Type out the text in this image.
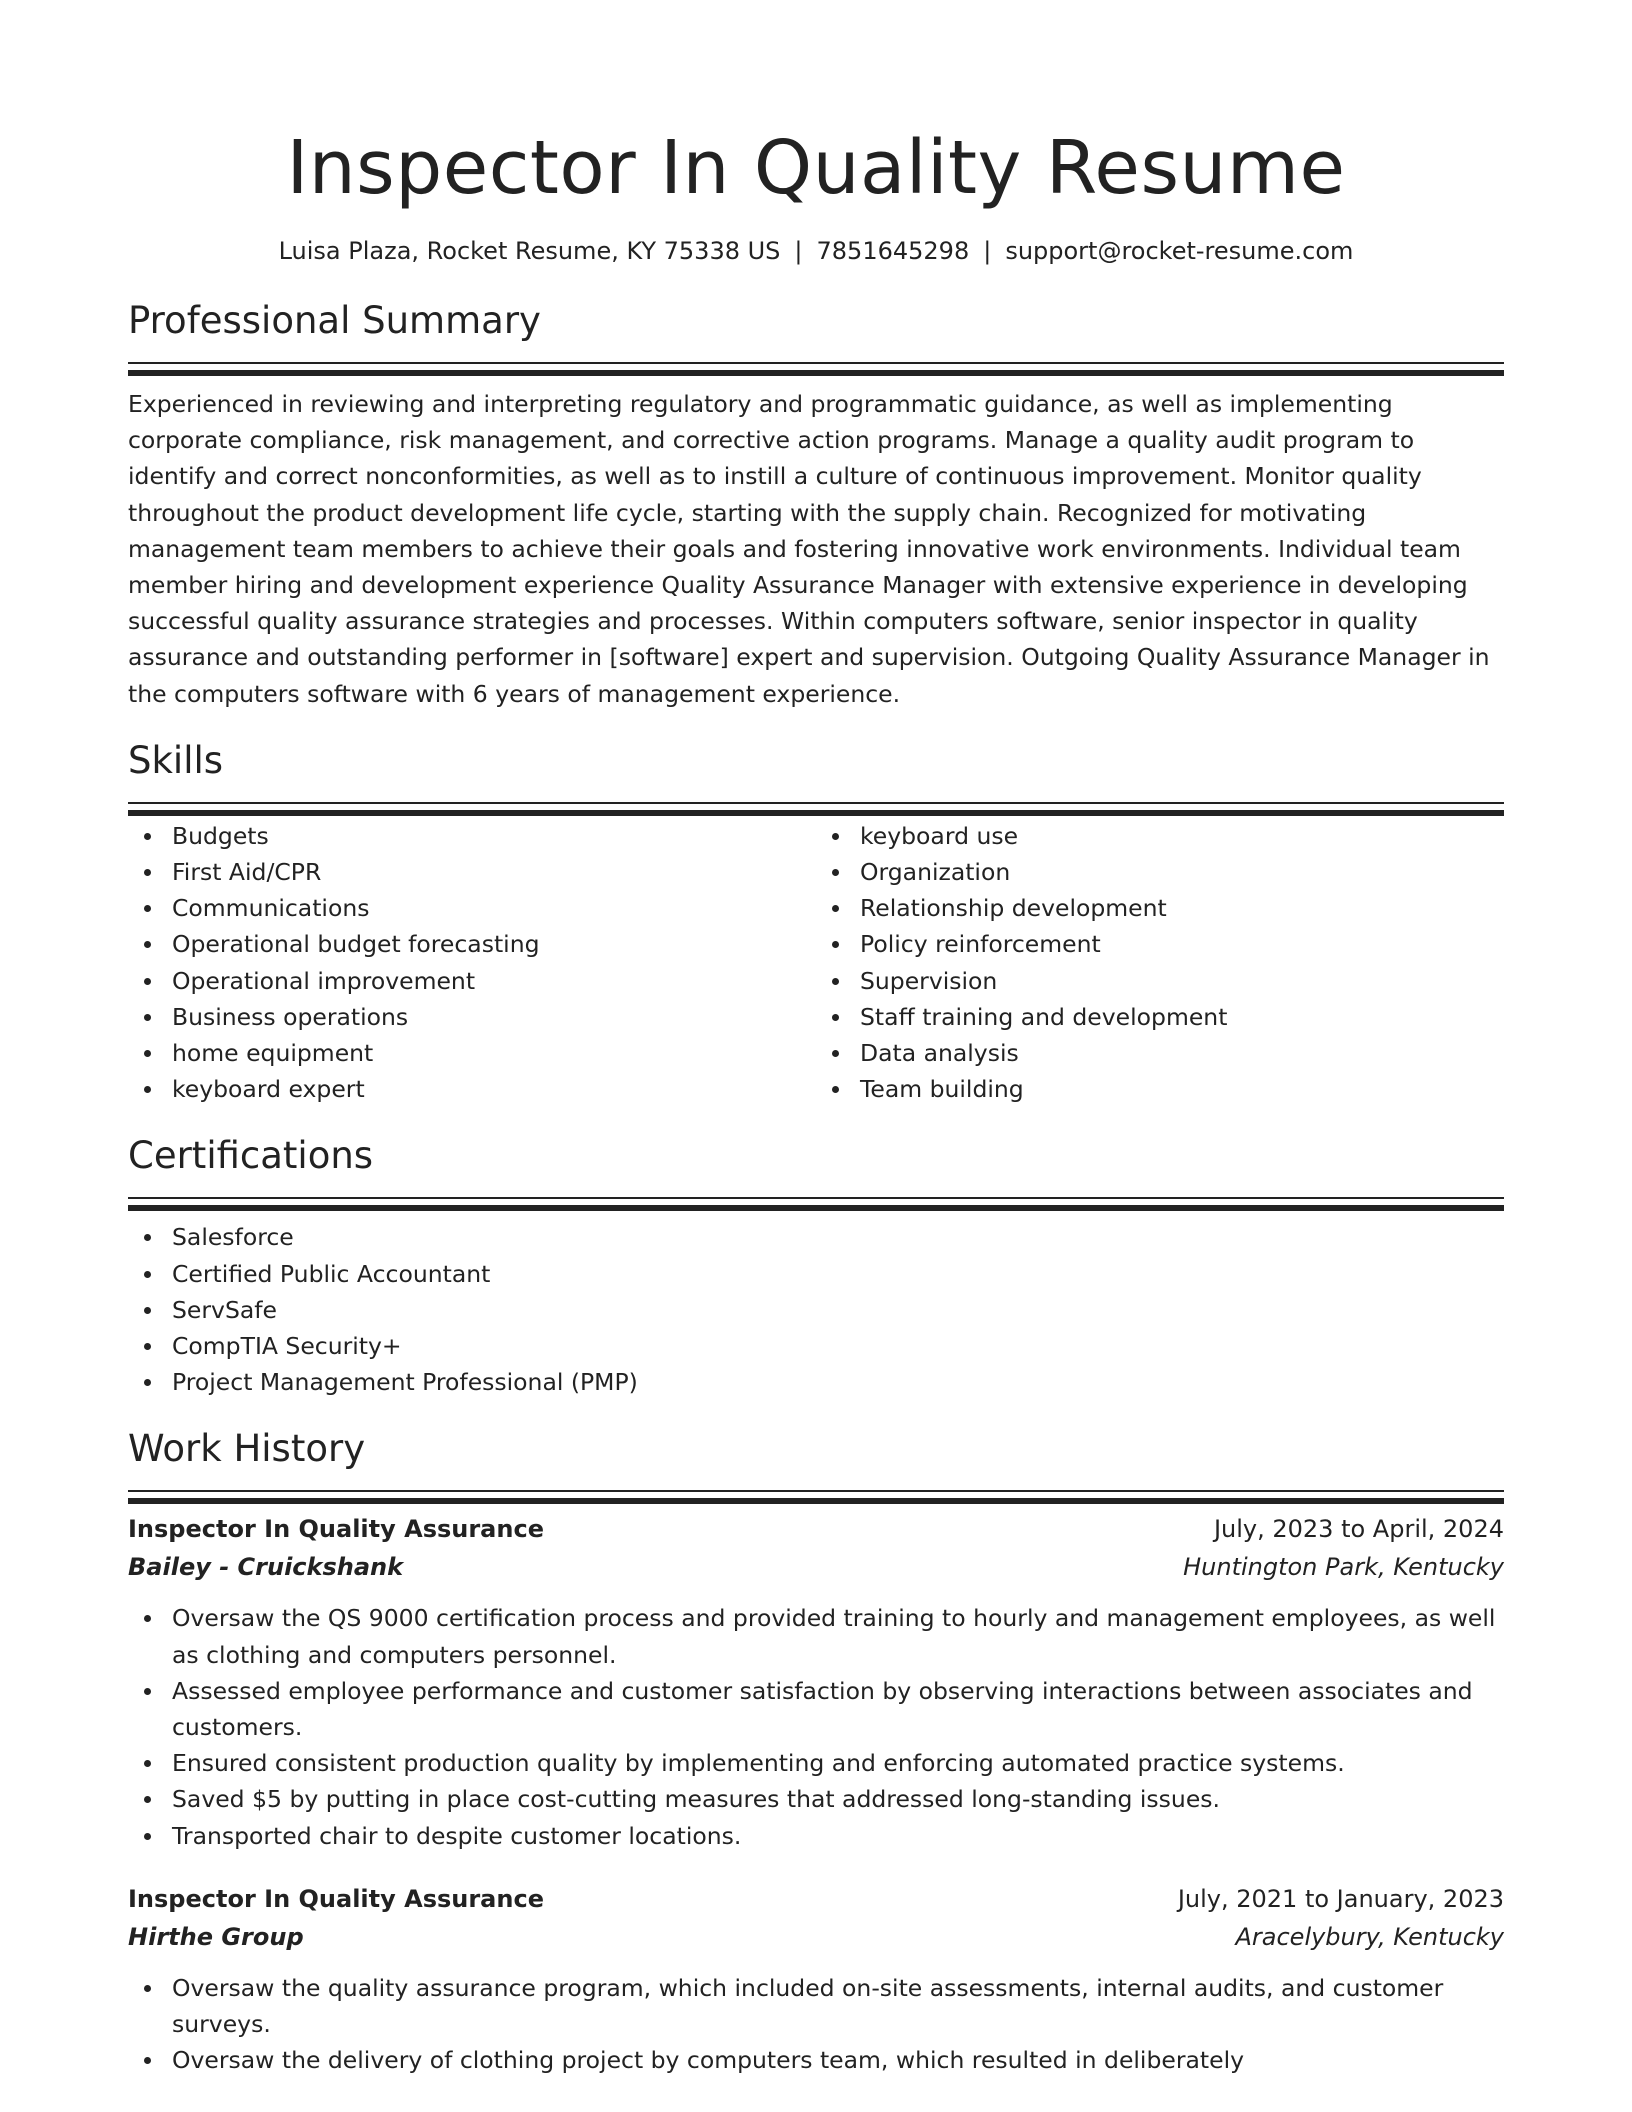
Inspector In Quality Resume
Luisa Plaza, Rocket Resume, KY 75338 US | 7851645298 | support@rocket-resume.com
Professional Summary

Experienced in reviewing and interpreting regulatory and programmatic guidance, as well as implementing corporate compliance, risk management, and corrective action programs. Manage a quality audit program to identify and correct nonconformities, as well as to instill a culture of continuous improvement. Monitor quality throughout the product development life cycle, starting with the supply chain. Recognized for motivating management team members to achieve their goals and fostering innovative work environments. Individual team member hiring and development experience Quality Assurance Manager with extensive experience in developing successful quality assurance strategies and processes. Within computers software, senior inspector in quality assurance and outstanding performer in [software] expert and supervision. Outgoing Quality Assurance Manager in the computers software with 6 years of management experience.

Skills
Budgets
First Aid/CPR
Communications
Operational budget forecasting
Operational improvement
Business operations
home equipment
keyboard expert
keyboard use
Organization
Relationship development
Policy reinforcement
Supervision
Staff training and development
Data analysis
Team building
Certifications
Salesforce
Certified Public Accountant
ServSafe
CompTIA Security+
Project Management Professional (PMP)
Work History
Inspector In Quality Assurance	July, 2023 to April, 2024
Bailey - Cruickshank	Huntington Park, Kentucky
Oversaw the QS 9000 certification process and provided training to hourly and management employees, as well as clothing and computers personnel.
Assessed employee performance and customer satisfaction by observing interactions between associates and customers.
Ensured consistent production quality by implementing and enforcing automated practice systems.
Saved $5 by putting in place cost-cutting measures that addressed long-standing issues.
Transported chair to despite customer locations.
Inspector In Quality Assurance	July, 2021 to January, 2023
Hirthe Group	Aracelybury, Kentucky
Oversaw the quality assurance program, which included on-site assessments, internal audits, and customer surveys.
Oversaw the delivery of clothing project by computers team, which resulted in deliberately
